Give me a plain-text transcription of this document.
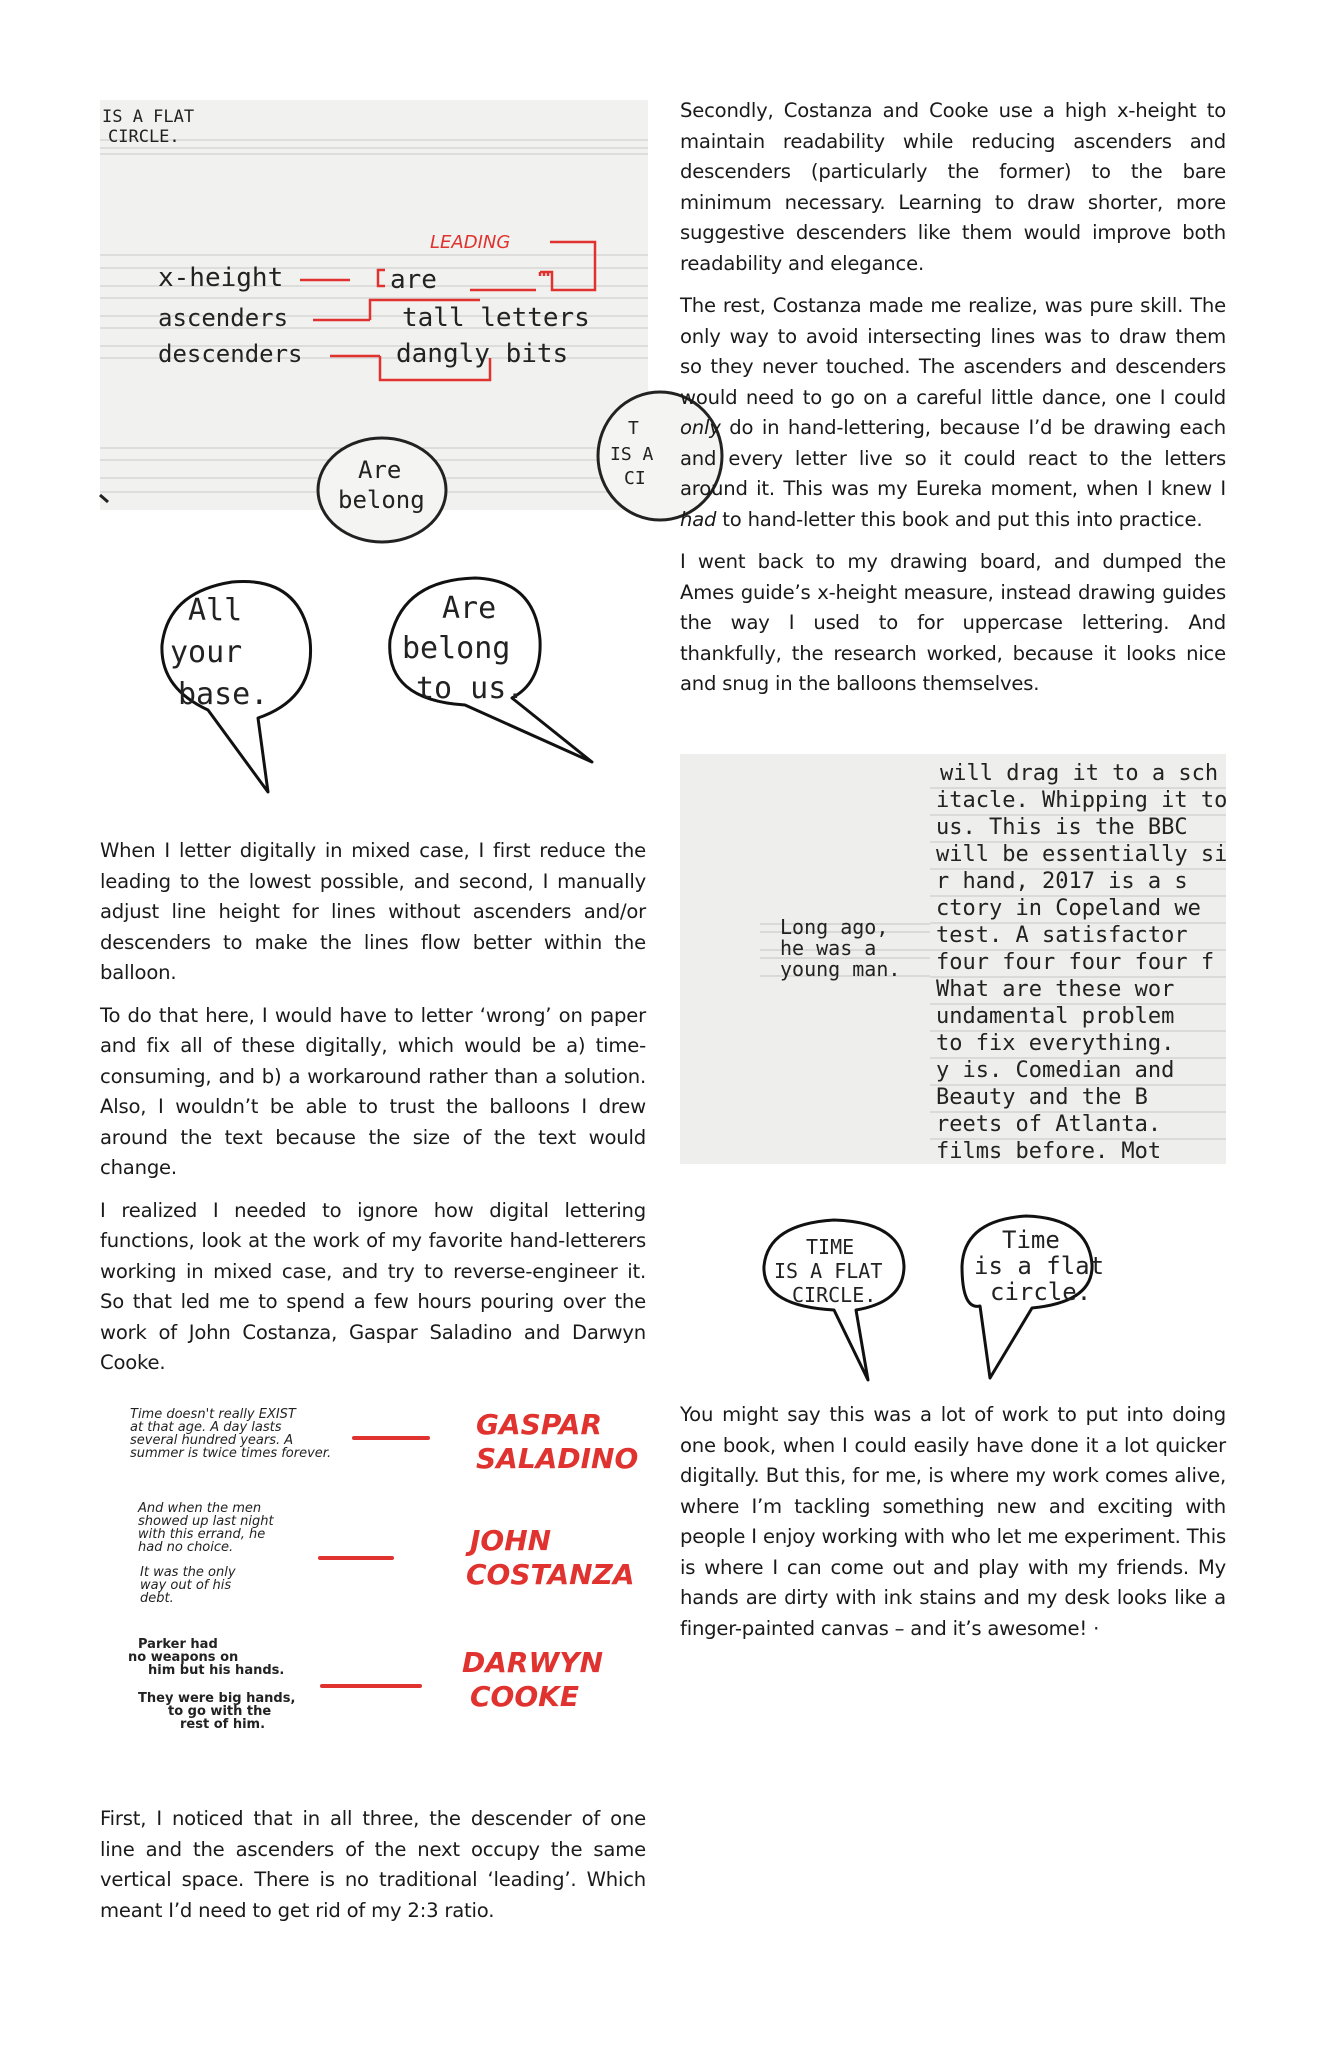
IS A FLAT
CIRCLE.
x-height
ascenders
descenders
LEADING
are
tall letters
dangly bits
Are
belong
T
IS A
CI
All
your
base.
Are
belong
to us.

When I letter digitally in mixed case, I first reduce the leading to the lowest possible, and second, I manually adjust line height for lines without ascenders and/or descenders to make the lines flow better within the balloon.

To do that here, I would have to letter ‘wrong’ on paper and fix all of these digitally, which would be a) time-consuming, and b) a workaround rather than a solution. Also, I wouldn’t be able to trust the balloons I drew around the text because the size of the text would change.

I realized I needed to ignore how digital lettering functions, look at the work of my favorite hand-letterers working in mixed case, and try to reverse-engineer it. So that led me to spend a few hours pouring over the work of John Costanza, Gaspar Saladino and Darwyn Cooke.

Time doesn't really EXIST
at that age. A day lasts
several hundred years. A
summer is twice times forever.
And when the men
showed up last night
with this errand, he
had no choice.
It was the only
way out of his
debt.
Parker had
no weapons on
him but his hands.
They were big hands,
to go with the
rest of him.
GASPAR
SALADINO
JOHN
COSTANZA
DARWYN
COOKE

First, I noticed that in all three, the descender of one line and the ascenders of the next occupy the same vertical space. There is no traditional ‘leading’. Which meant I’d need to get rid of my 2:3 ratio.

Secondly, Costanza and Cooke use a high x-height to maintain readability while reducing ascenders and descenders (particularly the former) to the bare minimum necessary. Learning to draw shorter, more suggestive descenders like them would improve both readability and elegance.

The rest, Costanza made me realize, was pure skill. The only way to avoid intersecting lines was to draw them so they never touched. The ascenders and descenders would need to go on a careful little dance, one I could only do in hand-lettering, because I’d be drawing each and every letter live so it could react to the letters around it. This was my Eureka moment, when I knew I had to hand-letter this book and put this into practice.

I went back to my drawing board, and dumped the Ames guide’s x-height measure, instead drawing guides the way I used to for uppercase lettering. And thankfully, the research worked, because it looks nice and snug in the balloons themselves.

Long ago,
he was a
young man.
will drag it to a sch
itacle. Whipping it to
us. This is the BBC
will be essentially si
r hand, 2017 is a s
ctory in Copeland we
test. A satisfactor
four four four four f
What are these wor
undamental problem
to fix everything.
y is. Comedian and
Beauty and the B
reets of Atlanta.
films before. Mot
TIME
IS A FLAT
CIRCLE.
Time
is a flat
circle.

You might say this was a lot of work to put into doing one book, when I could easily have done it a lot quicker digitally. But this, for me, is where my work comes alive, where I’m tackling something new and exciting with people I enjoy working with who let me experiment. This is where I can come out and play with my friends. My hands are dirty with ink stains and my desk looks like a finger-painted canvas – and it’s awesome! ·
